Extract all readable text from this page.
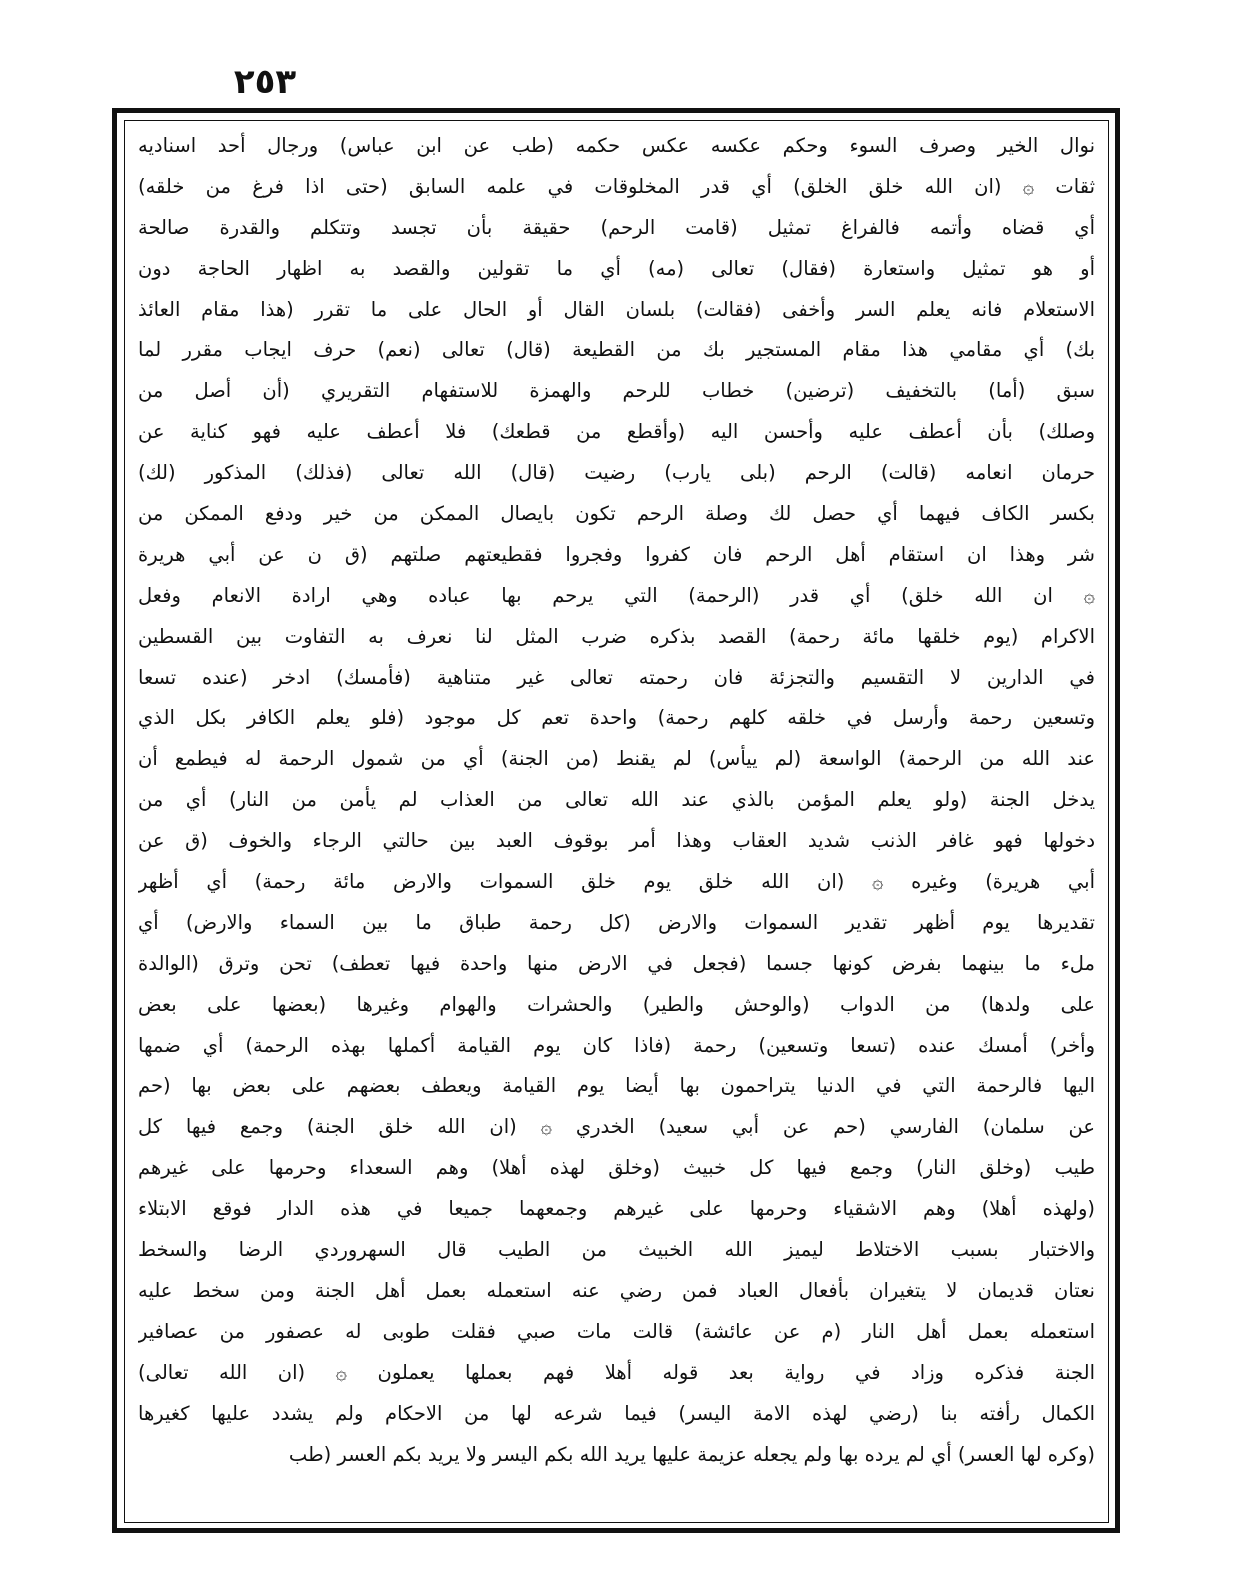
٢٥٣
نوال الخير وصرف السوء وحكم عكسه عكس حكمه (طب عن ابن عباس) ورجال أحد اسناديه
ثقات ۞ (ان الله خلق الخلق) أي قدر المخلوقات في علمه السابق (حتى اذا فرغ من خلقه)
أي قضاه وأتمه فالفراغ تمثيل (قامت الرحم) حقيقة بأن تجسد وتتكلم والقدرة صالحة
أو هو تمثيل واستعارة (فقال) تعالى (مه) أي ما تقولين والقصد به اظهار الحاجة دون
الاستعلام فانه يعلم السر وأخفى (فقالت) بلسان القال أو الحال على ما تقرر (هذا مقام العائذ
بك) أي مقامي هذا مقام المستجير بك من القطيعة (قال) تعالى (نعم) حرف ايجاب مقرر لما
سبق (أما) بالتخفيف (ترضين) خطاب للرحم والهمزة للاستفهام التقريري (أن أصل من
وصلك) بأن أعطف عليه وأحسن اليه (وأقطع من قطعك) فلا أعطف عليه فهو كناية عن
حرمان انعامه (قالت) الرحم (بلى يارب) رضيت (قال) الله تعالى (فذلك) المذكور (لك)
بكسر الكاف فيهما أي حصل لك وصلة الرحم تكون بايصال الممكن من خير ودفع الممكن من
شر وهذا ان استقام أهل الرحم فان كفروا وفجروا فقطيعتهم صلتهم (ق ن عن أبي هريرة
۞ ان الله خلق) أي قدر (الرحمة) التي يرحم بها عباده وهي ارادة الانعام وفعل
الاكرام (يوم خلقها مائة رحمة) القصد بذكره ضرب المثل لنا نعرف به التفاوت بين القسطين
في الدارين لا التقسيم والتجزئة فان رحمته تعالى غير متناهية (فأمسك) ادخر (عنده تسعا
وتسعين رحمة وأرسل في خلقه كلهم رحمة) واحدة تعم كل موجود (فلو يعلم الكافر بكل الذي
عند الله من الرحمة) الواسعة (لم ييأس) لم يقنط (من الجنة) أي من شمول الرحمة له فيطمع أن
يدخل الجنة (ولو يعلم المؤمن بالذي عند الله تعالى من العذاب لم يأمن من النار) أي من
دخولها فهو غافر الذنب شديد العقاب وهذا أمر بوقوف العبد بين حالتي الرجاء والخوف (ق عن
أبي هريرة) وغيره ۞ (ان الله خلق يوم خلق السموات والارض مائة رحمة) أي أظهر
تقديرها يوم أظهر تقدير السموات والارض (كل رحمة طباق ما بين السماء والارض) أي
ملء ما بينهما بفرض كونها جسما (فجعل في الارض منها واحدة فيها تعطف) تحن وترق (الوالدة
على ولدها) من الدواب (والوحش والطير) والحشرات والهوام وغيرها (بعضها على بعض
وأخر) أمسك عنده (تسعا وتسعين) رحمة (فاذا كان يوم القيامة أكملها بهذه الرحمة) أي ضمها
اليها فالرحمة التي في الدنيا يتراحمون بها أيضا يوم القيامة ويعطف بعضهم على بعض بها (حم
عن سلمان) الفارسي (حم عن أبي سعيد) الخدري ۞ (ان الله خلق الجنة) وجمع فيها كل
طيب (وخلق النار) وجمع فيها كل خبيث (وخلق لهذه أهلا) وهم السعداء وحرمها على غيرهم
(ولهذه أهلا) وهم الاشقياء وحرمها على غيرهم وجمعهما جميعا في هذه الدار فوقع الابتلاء
والاختبار بسبب الاختلاط ليميز الله الخبيث من الطيب قال السهروردي الرضا والسخط
نعتان قديمان لا يتغيران بأفعال العباد فمن رضي عنه استعمله بعمل أهل الجنة ومن سخط عليه
استعمله بعمل أهل النار (م عن عائشة) قالت مات صبي فقلت طوبى له عصفور من عصافير
الجنة فذكره وزاد في رواية بعد قوله أهلا فهم بعملها يعملون ۞ (ان الله تعالى)
الكمال رأفته بنا (رضي لهذه الامة اليسر) فيما شرعه لها من الاحكام ولم يشدد عليها كغيرها
(وكره لها العسر) أي لم يرده بها ولم يجعله عزيمة عليها يريد الله بكم اليسر ولا يريد بكم العسر (طب
